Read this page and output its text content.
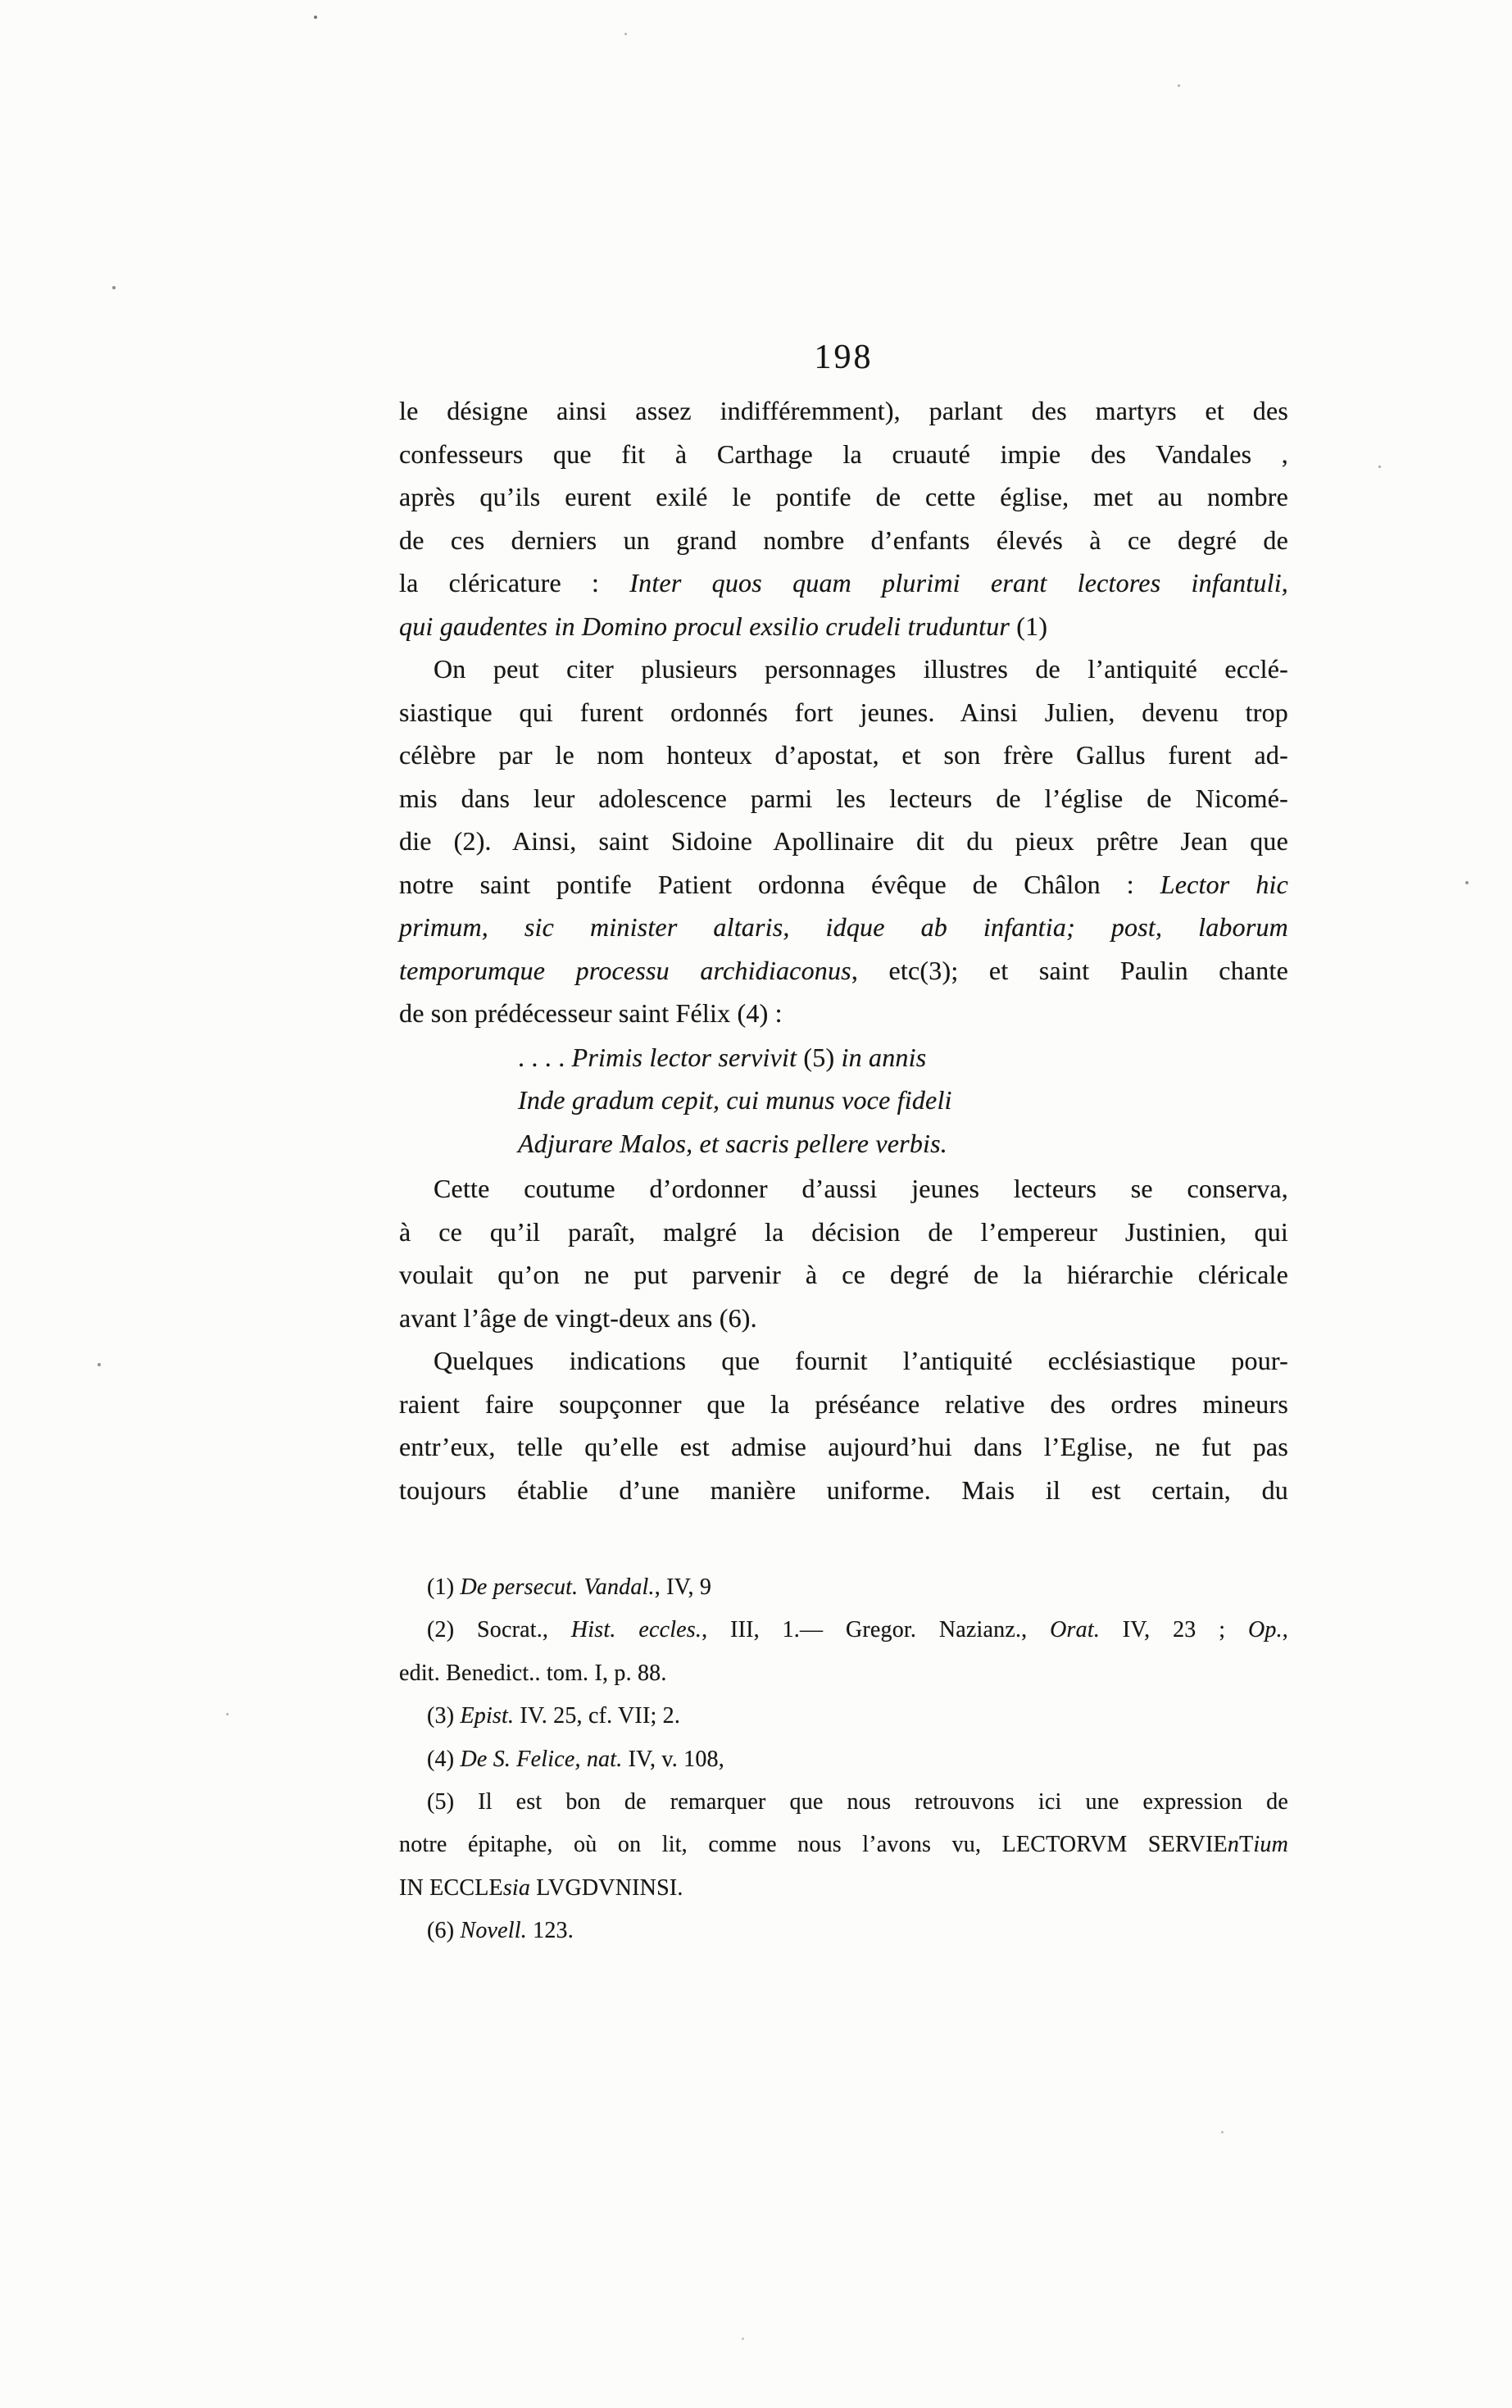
198
le désigne ainsi assez indifféremment), parlant des martyrs et des
confesseurs que fit à Carthage la cruauté impie des Vandales ,
après qu’ils eurent exilé le pontife de cette église, met au nombre
de ces derniers un grand nombre d’enfants élevés à ce degré de
la cléricature : Inter quos quam plurimi erant lectores infantuli,
qui gaudentes in Domino procul exsilio crudeli truduntur (1)
On peut citer plusieurs personnages illustres de l’antiquité ecclé-
siastique qui furent ordonnés fort jeunes. Ainsi Julien, devenu trop
célèbre par le nom honteux d’apostat, et son frère Gallus furent ad-
mis dans leur adolescence parmi les lecteurs de l’église de Nicomé-
die (2). Ainsi, saint Sidoine Apollinaire dit du pieux prêtre Jean que
notre saint pontife Patient ordonna évêque de Châlon : Lector hic
primum, sic minister altaris, idque ab infantia; post, laborum
temporumque processu archidiaconus, etc(3); et saint Paulin chante
de son prédécesseur saint Félix (4) :
. . . . Primis lector servivit (5) in annis
Inde gradum cepit, cui munus voce fideli
Adjurare Malos, et sacris pellere verbis.
Cette coutume d’ordonner d’aussi jeunes lecteurs se conserva,
à ce qu’il paraît, malgré la décision de l’empereur Justinien, qui
voulait qu’on ne put parvenir à ce degré de la hiérarchie cléricale
avant l’âge de vingt-deux ans (6).
Quelques indications que fournit l’antiquité ecclésiastique pour-
raient faire soupçonner que la préséance relative des ordres mineurs
entr’eux, telle qu’elle est admise aujourd’hui dans l’Eglise, ne fut pas
toujours établie d’une manière uniforme. Mais il est certain, du
(1) De persecut. Vandal., IV, 9
(2) Socrat., Hist. eccles., III, 1.— Gregor. Nazianz., Orat. IV, 23 ; Op.,
edit. Benedict.. tom. I, p. 88.
(3) Epist. IV. 25, cf. VII; 2.
(4) De S. Felice, nat. IV, v. 108,
(5) Il est bon de remarquer que nous retrouvons ici une expression de
notre épitaphe, où on lit, comme nous l’avons vu, LECTORVM SERVIEnTium
IN ECCLEsia LVGDVNINSI.
(6) Novell. 123.
